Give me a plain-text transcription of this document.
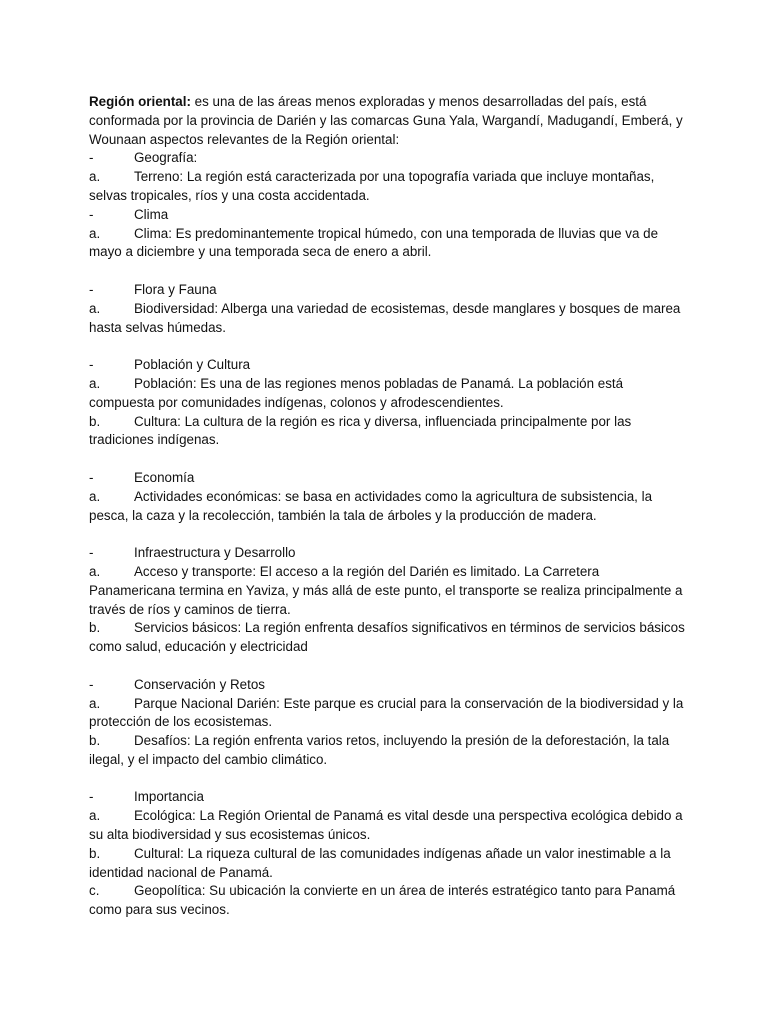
Región oriental: es una de las áreas menos exploradas y menos desarrolladas del país, está conformada por la provincia de Darién y las comarcas Guna Yala, Wargandí, Madugandí, Emberá, y Wounaan aspectos relevantes de la Región oriental:

-	Geografía:

a.	Terreno: La región está caracterizada por una topografía variada que incluye montañas, selvas tropicales, ríos y una costa accidentada.

-	Clima

a.	Clima: Es predominantemente tropical húmedo, con una temporada de lluvias que va de mayo a diciembre y una temporada seca de enero a abril.

-	Flora y Fauna

a.	Biodiversidad: Alberga una variedad de ecosistemas, desde manglares y bosques de marea hasta selvas húmedas.

-	Población y Cultura

a.	Población: Es una de las regiones menos pobladas de Panamá. La población está compuesta por comunidades indígenas, colonos y afrodescendientes.

b.	Cultura: La cultura de la región es rica y diversa, influenciada principalmente por las tradiciones indígenas.

-	Economía

a.	Actividades económicas: se basa en actividades como la agricultura de subsistencia, la pesca, la caza y la recolección, también la tala de árboles y la producción de madera.

-	Infraestructura y Desarrollo

a.	Acceso y transporte: El acceso a la región del Darién es limitado. La Carretera Panamericana termina en Yaviza, y más allá de este punto, el transporte se realiza principalmente a través de ríos y caminos de tierra.

b.	Servicios básicos: La región enfrenta desafíos significativos en términos de servicios básicos como salud, educación y electricidad

-	Conservación y Retos

a.	Parque Nacional Darién: Este parque es crucial para la conservación de la biodiversidad y la protección de los ecosistemas.

b.	Desafíos: La región enfrenta varios retos, incluyendo la presión de la deforestación, la tala ilegal, y el impacto del cambio climático.

-	Importancia

a.	Ecológica: La Región Oriental de Panamá es vital desde una perspectiva ecológica debido a su alta biodiversidad y sus ecosistemas únicos.

b.	Cultural: La riqueza cultural de las comunidades indígenas añade un valor inestimable a la identidad nacional de Panamá.

c.	Geopolítica: Su ubicación la convierte en un área de interés estratégico tanto para Panamá como para sus vecinos.
